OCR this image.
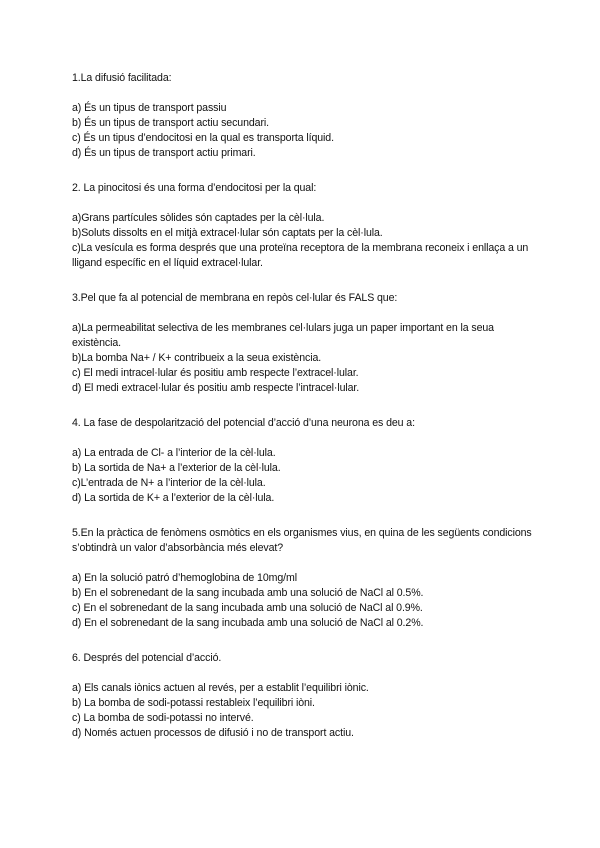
1.La difusió facilitada:

a) És un tipus de transport passiu
b) És un tipus de transport actiu secundari.
c) És un tipus d’endocitosi en la qual es transporta líquid.
d) És un tipus de transport actiu primari.

2. La pinocitosi és una forma d’endocitosi per la qual:

a)Grans partícules sòlides són captades per la cèl·lula.
b)Soluts dissolts en el mitjà extracel·lular són captats per la cèl·lula.
c)La vesícula es forma després que una proteïna receptora de la membrana reconeix i enllaça a un lligand específic en el líquid extracel·lular.

3.Pel que fa al potencial de membrana en repòs cel·lular és FALS que:

a)La permeabilitat selectiva de les membranes cel·lulars juga un paper important en la seua existència.
b)La bomba Na+ / K+ contribueix a la seua existència.
c) El medi intracel·lular és positiu amb respecte l’extracel·lular.
d) El medi extracel·lular és positiu amb respecte l’intracel·lular.

4. La fase de despolarització del potencial d’acció d’una neurona es deu a:

a) La entrada de Cl- a l’interior de la cèl·lula.
b) La sortida de Na+ a l’exterior de la cèl·lula.
c)L’entrada de N+ a l’interior de la cèl·lula.
d) La sortida de K+ a l’exterior de la cèl·lula.

5.En la pràctica de fenòmens osmòtics en els organismes vius, en quina de les següents condicions s’obtindrà un valor d’absorbància més elevat?

a) En la solució patró d’hemoglobina de 10mg/ml
b) En el sobrenedant de la sang incubada amb una solució de NaCl al 0.5%.
c) En el sobrenedant de la sang incubada amb una solució de NaCl al 0.9%.
d) En el sobrenedant de la sang incubada amb una solució de NaCl al 0.2%.

6. Després del potencial d’acció.

a) Els canals iònics actuen al revés, per a establit l’equilibri iònic.
b) La bomba de sodi-potassi restableix l’equilibri iòni.
c) La bomba de sodi-potassi no intervé.
d) Només actuen processos de difusió i no de transport actiu.
